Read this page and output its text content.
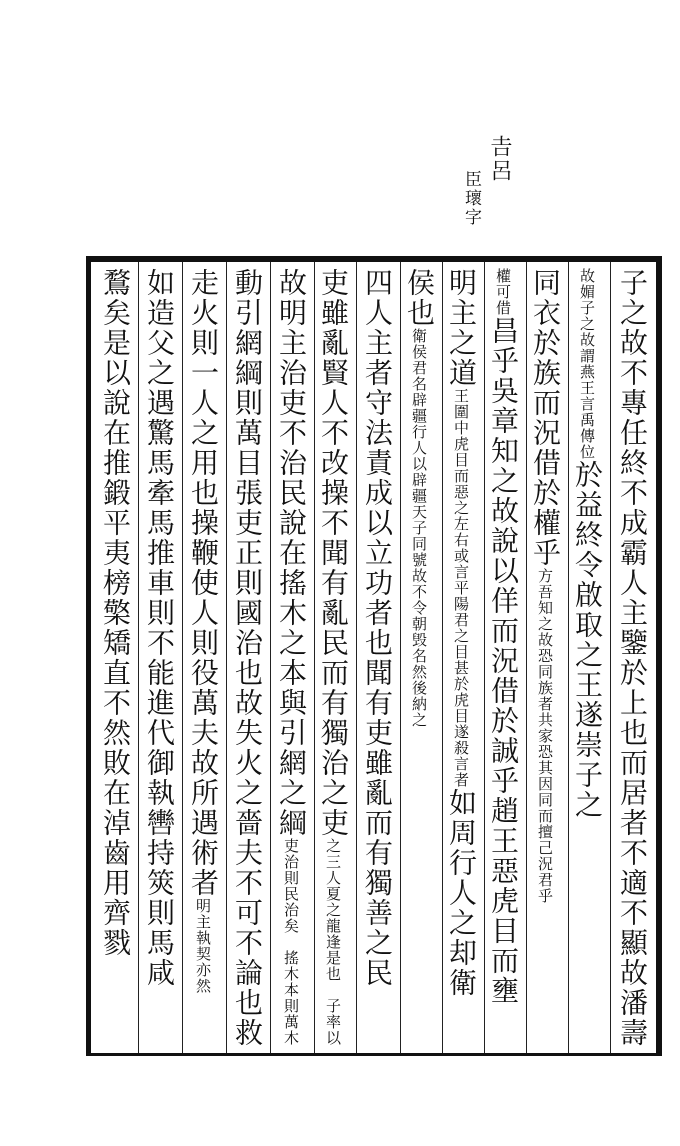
𠮷呂
臣瓌字
子之故不專任終不成霸人主鑒於上也而居者不適不顯故潘壽
故媚子之故謂燕王言禹傳位於益終令啟取之王遂崇子之
同衣於族而況借於權乎方吾知之故恐同族者共家恐其因同而擅己況君乎
權可借昌乎吳章知之故說以佯而況借於誠乎趙王惡虎目而壅
明主之道王圍中虎目而惡之左右或言平陽君之目甚於虎目遂殺言者如周行人之却衛
侯也衛侯君名辟疆行人以辟疆天子同號故不令朝毁名然後納之
四人主者守法責成以立功者也聞有吏雖亂而有獨善之民
吏雖亂賢人不改操不聞有亂民而有獨治之吏之三人夏之龍逢是也　子率以
故明主治吏不治民說在搖木之本與引網之綱吏治則民治矣　搖木本則萬木
動引網綱則萬目張吏正則國治也故失火之嗇夫不可不論也救
走火則一人之用也操鞭使人則役萬夫故所遇術者明主執契亦然
如造父之遇驚馬牽馬推車則不能進代御執轡持筴則馬咸
鶩矣是以說在推鍛平夷榜檠矯直不然敗在淖齒用齊戮
